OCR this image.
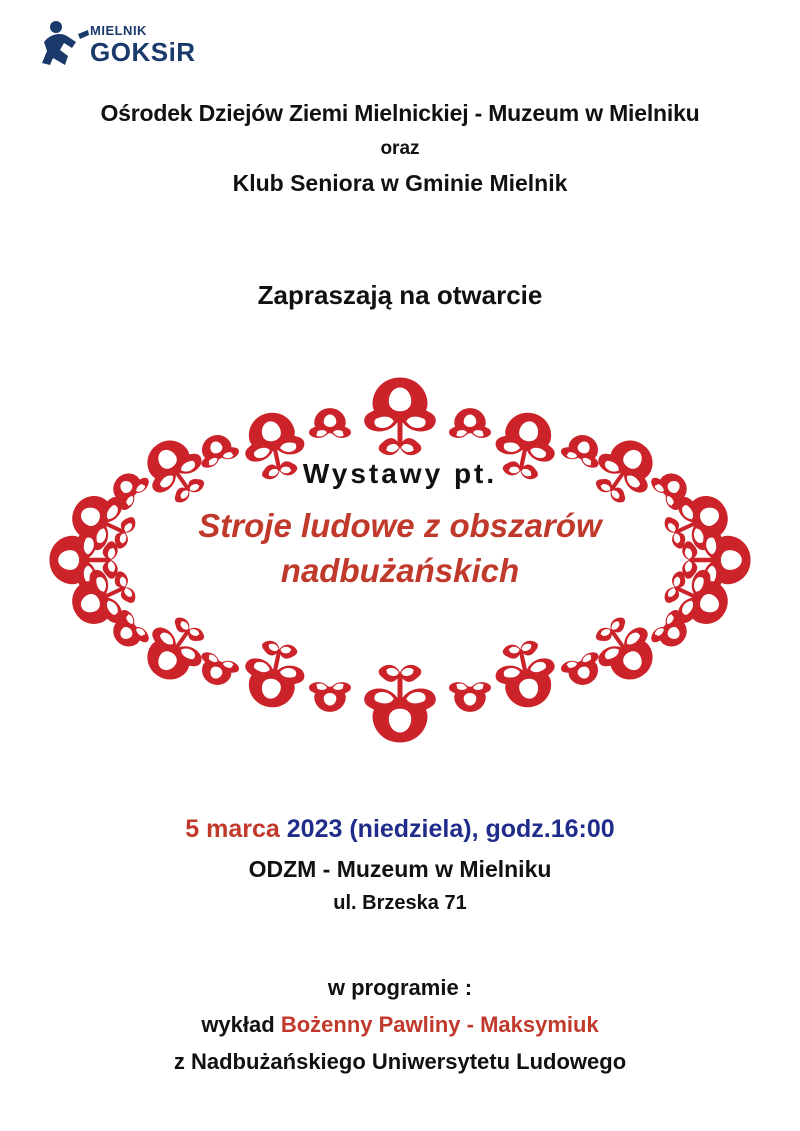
MIELNIK
GOKSiR
Ośrodek Dziejów Ziemi Mielnickiej - Muzeum w Mielniku
oraz
Klub Seniora w Gminie Mielnik
Zapraszają na otwarcie
Wystawy pt.
Stroje ludowe z obszarów
nadbużańskich
5 marca 2023 (niedziela), godz.16:00
ODZM - Muzeum w Mielniku
ul. Brzeska 71
w programie :
wykład Bożenny Pawliny - Maksymiuk
z Nadbużańskiego Uniwersytetu Ludowego
